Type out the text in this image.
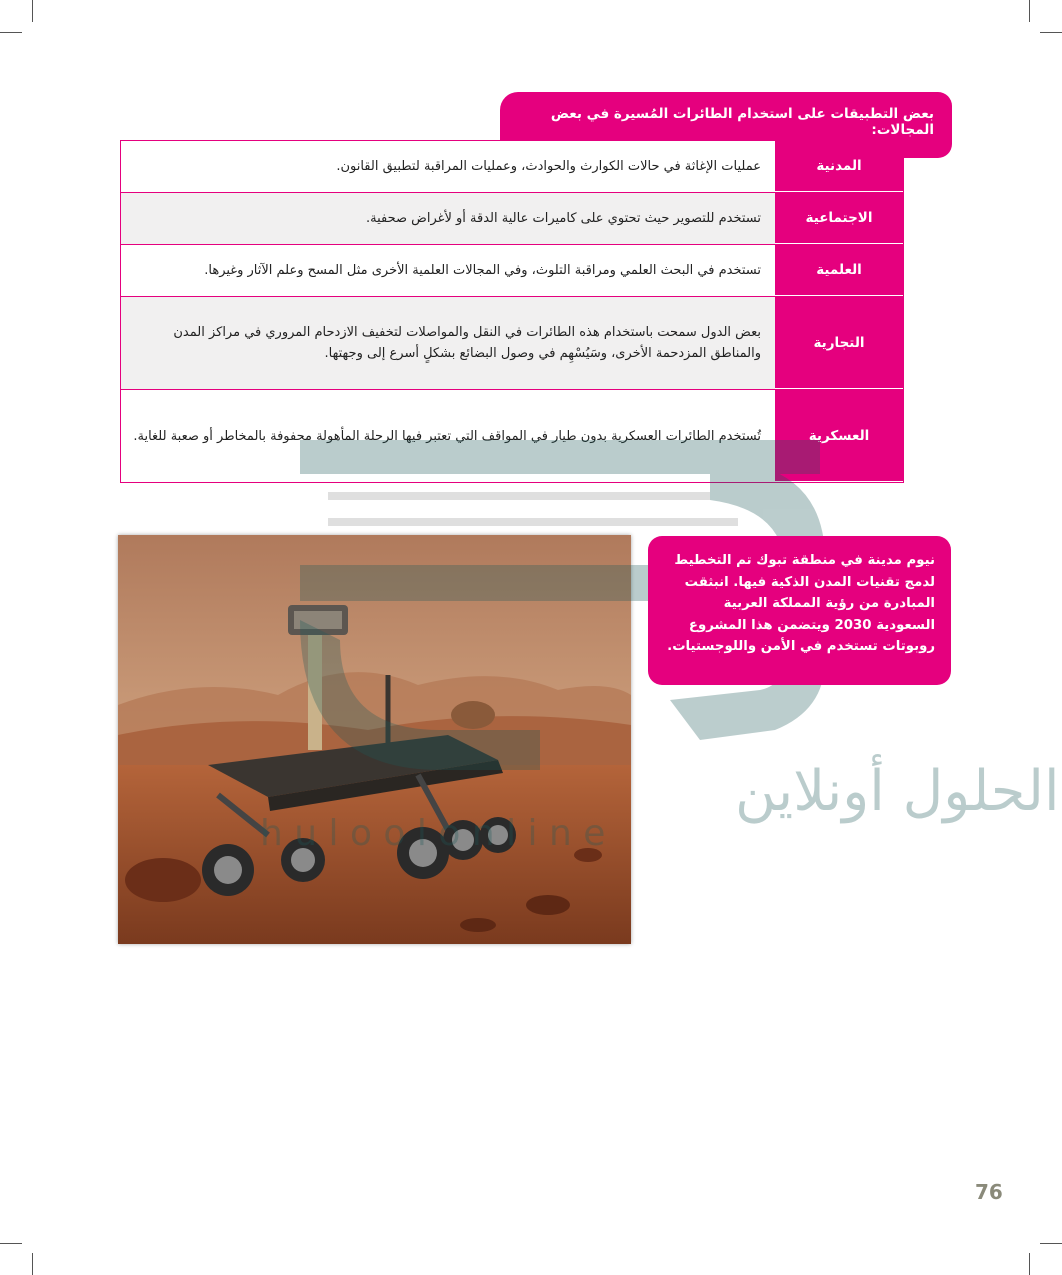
بعض التطبيقات على استخدام الطائرات المُسيرة في بعض المجالات:
المدنية
عمليات الإغاثة في حالات الكوارث والحوادث، وعمليات المراقبة لتطبيق القانون.
الاجتماعية
تستخدم للتصوير حيث تحتوي على كاميرات عالية الدقة أو لأغراض صحفية.
العلمية
تستخدم في البحث العلمي ومراقبة التلوث، وفي المجالات العلمية الأخرى مثل المسح وعلم الآثار وغيرها.
التجارية
بعض الدول سمحت باستخدام هذه الطائرات في النقل والمواصلات لتخفيف الازدحام المروري في مراكز المدن والمناطق المزدحمة الأخرى، وسَيُسْهِم في وصول البضائع بشكلٍ أسرع إلى وجهتها.
العسكرية
تُستخدم الطائرات العسكرية بدون طيار في المواقف التي تعتبر فيها الرحلة المأهولة محفوفة بالمخاطر أو صعبة للغاية.
الحلول أونلاين
h u l o o l o n l i n e
نيوم مدينة في منطقة تبوك تم التخطيط لدمج تقنيات المدن الذكية فيها. انبثقت المبادرة من رؤية المملكة العربية السعودية 2030 ويتضمن هذا المشروع روبوتات تستخدم في الأمن واللوجستيات.
76
